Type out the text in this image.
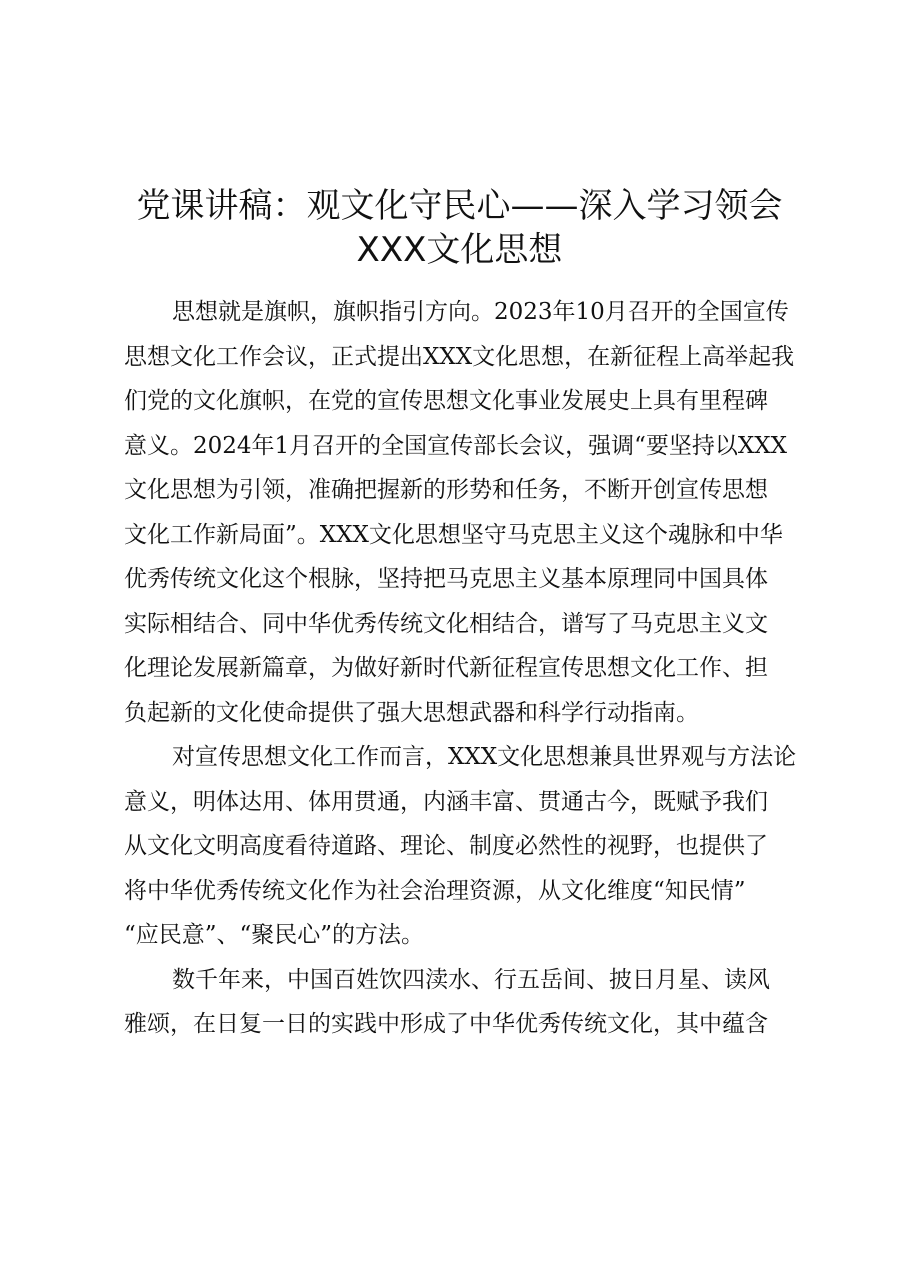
党课讲稿：观文化守民心——深入学习领会
XXX文化思想
思想就是旗帜，旗帜指引方向。2023年10月召开的全国宣传
思想文化工作会议，正式提出XXX文化思想，在新征程上高举起我
们党的文化旗帜，在党的宣传思想文化事业发展史上具有里程碑
意义。2024年1月召开的全国宣传部长会议，强调“要坚持以XXX
文化思想为引领，准确把握新的形势和任务，不断开创宣传思想
文化工作新局面”。XXX文化思想坚守马克思主义这个魂脉和中华
优秀传统文化这个根脉，坚持把马克思主义基本原理同中国具体
实际相结合、同中华优秀传统文化相结合，谱写了马克思主义文
化理论发展新篇章，为做好新时代新征程宣传思想文化工作、担
负起新的文化使命提供了强大思想武器和科学行动指南。
对宣传思想文化工作而言，XXX文化思想兼具世界观与方法论
意义，明体达用、体用贯通，内涵丰富、贯通古今，既赋予我们
从文化文明高度看待道路、理论、制度必然性的视野，也提供了
将中华优秀传统文化作为社会治理资源，从文化维度“知民情”
“应民意”、“聚民心”的方法。
数千年来，中国百姓饮四渎水、行五岳间、披日月星、读风
雅颂，在日复一日的实践中形成了中华优秀传统文化，其中蕴含
